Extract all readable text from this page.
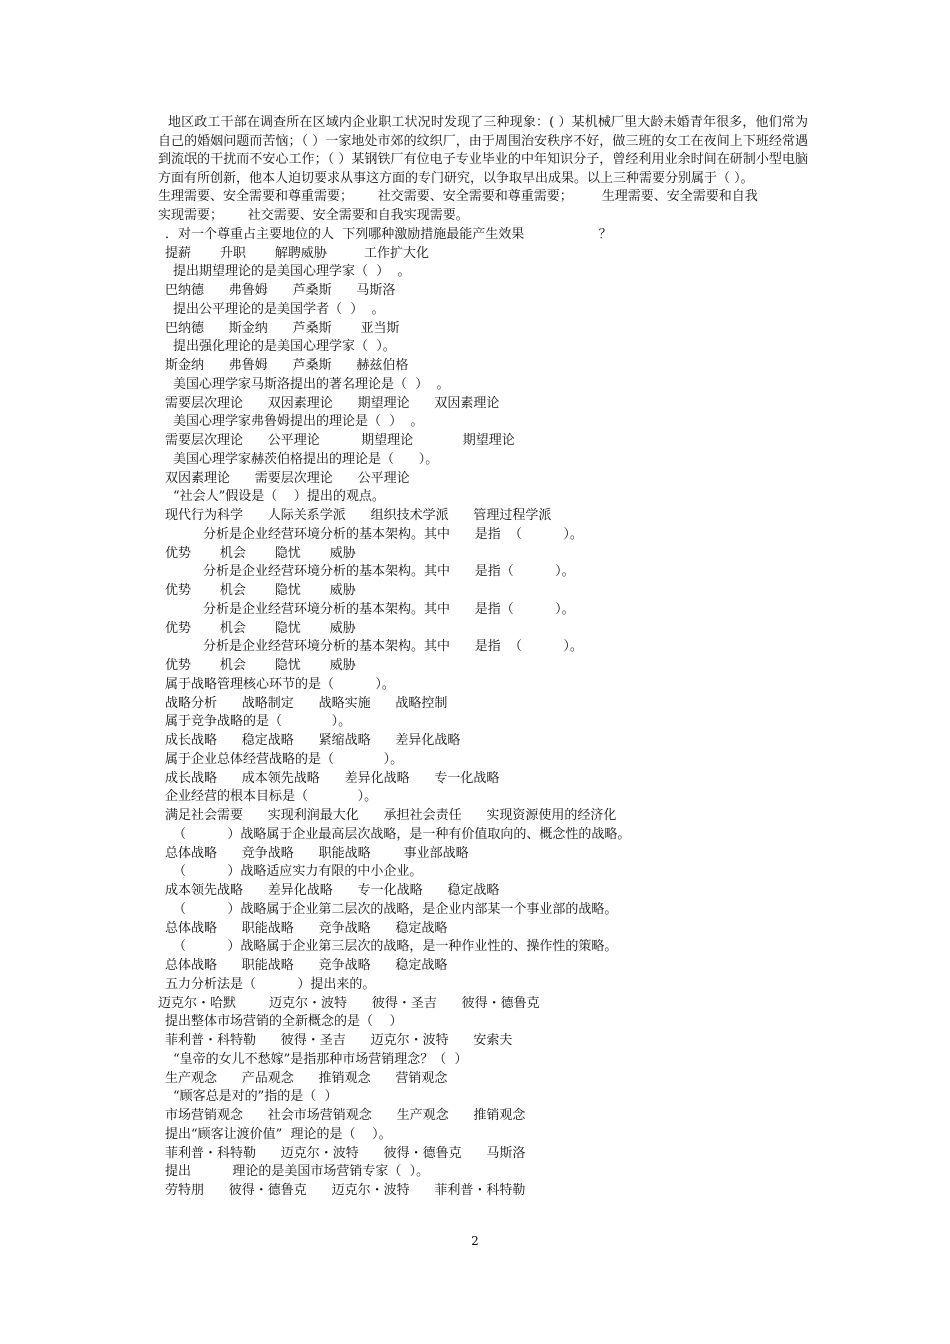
地区政工干部在调查所在区域内企业职工状况时发现了三种现象：( ）某机械厂里大龄未婚青年很多，他们常为自己的婚姻问题而苦恼；（ ）一家地处市郊的纹织厂，由于周围治安秩序不好，做三班的女工在夜间上下班经常遇到流氓的干扰而不安心工作；（ ）某钢铁厂有位电子专业毕业的中年知识分子，曾经利用业余时间在研制小型电脑方面有所创新，他本人迫切要求从事这方面的专门研究，以争取早出成果。以上三种需要分别属于（ ）。

生理需要、安全需要和尊重需要；      社交需要、安全需要和尊重需要；       生理需要、安全需要和自我
实现需要；      社交需要、安全需要和自我实现需要。
．对一个尊重占主要地位的人  下列哪种激励措施最能产生效果                  ？
提薪       升职       解聘威胁         工作扩大化
提出期望理论的是美国心理学家（  ）  。
巴纳德      弗鲁姆      芦桑斯      马斯洛
提出公平理论的是美国学者（  ）  。
巴纳德      斯金纳      芦桑斯       亚当斯
提出强化理论的是美国心理学家（  ）。
斯金纳      弗鲁姆      芦桑斯      赫兹伯格
美国心理学家马斯洛提出的著名理论是（  ）  。
需要层次理论      双因素理论      期望理论      双因素理论
美国心理学家弗鲁姆提出的理论是（  ）  。
需要层次理论      公平理论          期望理论            期望理论
美国心理学家赫茨伯格提出的理论是（      ）。
双因素理论      需要层次理论      公平理论
“社会人”假设是（    ）提出的观点。
现代行为科学      人际关系学派      组织技术学派      管理过程学派
分析是企业经营环境分析的基本架构。其中      是指  （          ）。
优势       机会       隐忧       威胁
分析是企业经营环境分析的基本架构。其中      是指（          ）。
优势       机会       隐忧       威胁
分析是企业经营环境分析的基本架构。其中      是指（          ）。
优势       机会       隐忧       威胁
分析是企业经营环境分析的基本架构。其中      是指  （          ）。
优势       机会       隐忧       威胁
属于战略管理核心环节的是（          ）。
战略分析      战略制定      战略实施      战略控制
属于竞争战略的是（            ）。
成长战略      稳定战略      紧缩战略      差异化战略
属于企业总体经营战略的是（            ）。
成长战略      成本领先战略      差异化战略      专一化战略
企业经营的根本目标是（            ）。
满足社会需要      实现利润最大化      承担社会责任      实现资源使用的经济化
（          ）战略属于企业最高层次战略，是一种有价值取向的、概念性的战略。
总体战略      竞争战略      职能战略        事业部战略
（          ）战略适应实力有限的中小企业。
成本领先战略      差异化战略      专一化战略      稳定战略
（          ）战略属于企业第二层次的战略，是企业内部某一个事业部的战略。
总体战略      职能战略      竞争战略      稳定战略
（          ）战略属于企业第三层次的战略，是一种作业性的、操作性的策略。
总体战略      职能战略      竞争战略      稳定战略
五力分析法是（          ）提出来的。
迈克尔・哈默        迈克尔・波特      彼得・圣吉      彼得・德鲁克
提出整体市场营销的全新概念的是（    ）
菲利普・科特勒      彼得・圣吉      迈克尔・波特      安索夫
“皇帝的女儿不愁嫁”是指那种市场营销理念？（  ）
生产观念      产品观念      推销观念      营销观念
“顾客总是对的”指的是（  ）
市场营销观念      社会市场营销观念      生产观念      推销观念
提出“顾客让渡价值”  理论的是（    ）。
菲利普・科特勒      迈克尔・波特      彼得・德鲁克      马斯洛
提出          理论的是美国市场营销专家（  ）。
劳特朋      彼得・德鲁克      迈克尔・波特      菲利普・科特勒
2
